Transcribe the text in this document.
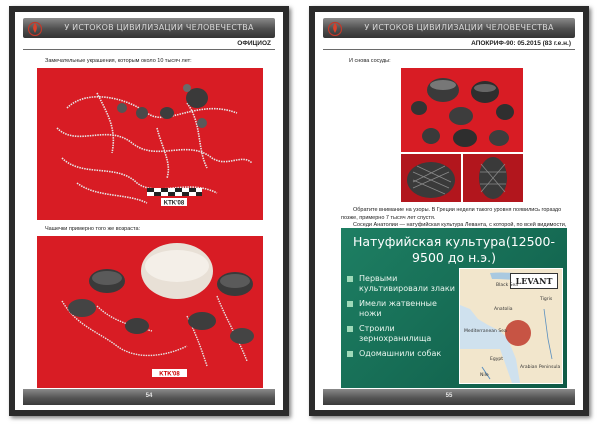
У ИСТОКОВ ЦИВИЛИЗАЦИИ ЧЕЛОВЕЧЕСТВА
ОФИЦИОZ
Замечательные украшения, которым около 10 тысяч лет:
KTK'08
Чашечки примерно того же возраста:
KTK'08
54
У ИСТОКОВ ЦИВИЛИЗАЦИИ ЧЕЛОВЕЧЕСТВА
АПОКРИФ-90: 05.2015 (83 г.е.н.)
И снова сосуды:

Обратите внимание на узоры. В Греции недели такого уровня появились гораздо позже, примерно 7 тысяч лет спустя.

Соседи Анатолии — натуфийская культура Леванта, с которой, по всей видимости,

Натуфийская культура(12500-9500 до н.э.)
Первыми культивировали злаки
Имели жатвенные ножи
Строили зернохранилища
Одомашнили собак
LEVANT
Black Sea
Anatolia
Mediterranean Sea
Egypt
Arabian Peninsula
Nile
Tigris
55
